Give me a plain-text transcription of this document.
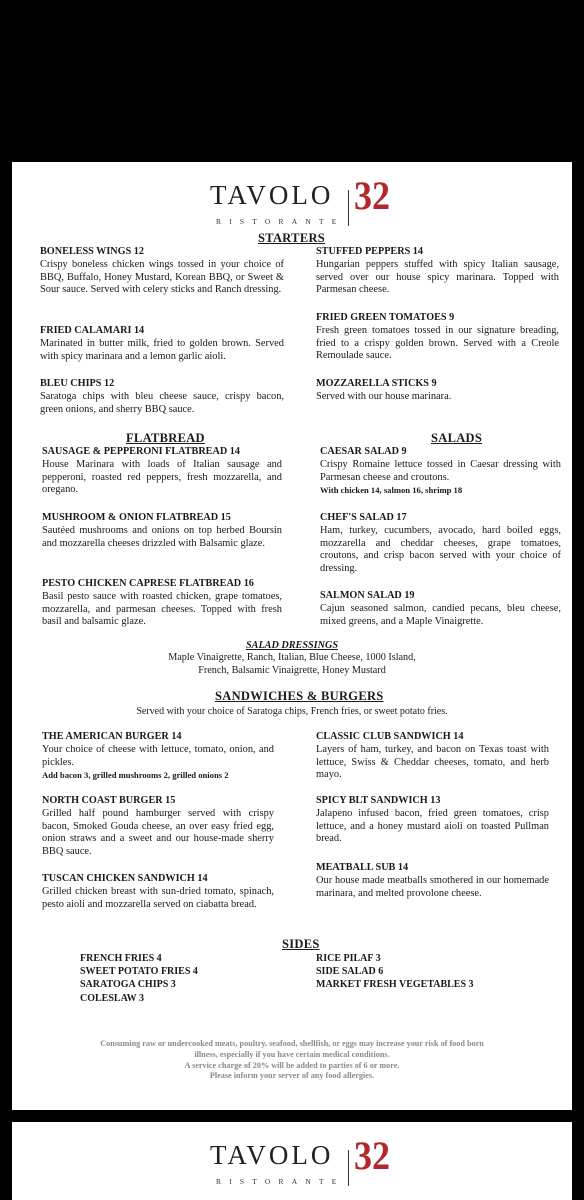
TAVOLO
RISTORANTE
32
STARTERS
BONELESS WINGS 12
Crispy boneless chicken wings tossed in your choice of BBQ, Buffalo, Honey Mustard, Korean BBQ, or Sweet & Sour sauce. Served with celery sticks and Ranch dressing.
FRIED CALAMARI 14
Marinated in butter milk, fried to golden brown. Served with spicy marinara and a lemon garlic aioli.
BLEU CHIPS 12
Saratoga chips with bleu cheese sauce, crispy bacon, green onions, and sherry BBQ sauce.
STUFFED PEPPERS 14
Hungarian peppers stuffed with spicy Italian sausage, served over our house spicy marinara. Topped with Parmesan cheese.
FRIED GREEN TOMATOES 9
Fresh green tomatoes tossed in our signature breading, fried to a crispy golden brown. Served with a Creole Remoulade sauce.
MOZZARELLA STICKS 9
Served with our house marinara.
FLATBREAD	SALADS
SAUSAGE & PEPPERONI FLATBREAD 14
House Marinara with loads of Italian sausage and pepperoni, roasted red peppers, fresh mozzarella, and oregano.
MUSHROOM & ONION FLATBREAD 15
Sautéed mushrooms and onions on top herbed Boursin and mozzarella cheeses drizzled with Balsamic glaze.
PESTO CHICKEN CAPRESE FLATBREAD 16
Basil pesto sauce with roasted chicken, grape tomatoes, mozzarella, and parmesan cheeses. Topped with fresh basil and balsamic glaze.
CAESAR SALAD 9
Crispy Romaine lettuce tossed in Caesar dressing with Parmesan cheese and croutons.
With chicken 14, salmon 16, shrimp 18
CHEF'S SALAD 17
Ham, turkey, cucumbers, avocado, hard boiled eggs, mozzarella and cheddar cheeses, grape tomatoes, croutons, and crisp bacon served with your choice of dressing.
SALMON SALAD 19
Cajun seasoned salmon, candied pecans, bleu cheese, mixed greens, and a Maple Vinaigrette.
SALAD DRESSINGS
Maple Vinaigrette, Ranch, Italian, Blue Cheese, 1000 Island,
French, Balsamic Vinaigrette, Honey Mustard
SANDWICHES & BURGERS
Served with your choice of Saratoga chips, French fries, or sweet potato fries.
THE AMERICAN BURGER 14
Your choice of cheese with lettuce, tomato, onion, and pickles.
Add bacon 3, grilled mushrooms 2, grilled onions 2
NORTH COAST BURGER 15
Grilled half pound hamburger served with crispy bacon, Smoked Gouda cheese, an over easy fried egg, onion straws and a sweet and our house-made sherry BBQ sauce.
TUSCAN CHICKEN SANDWICH 14
Grilled chicken breast with sun-dried tomato, spinach, pesto aioli and mozzarella served on ciabatta bread.
CLASSIC CLUB SANDWICH 14
Layers of ham, turkey, and bacon on Texas toast with lettuce, Swiss & Cheddar cheeses, tomato, and herb mayo.
SPICY BLT SANDWICH 13
Jalapeno infused bacon, fried green tomatoes, crisp lettuce, and a honey mustard aioli on toasted Pullman bread.
MEATBALL SUB 14
Our house made meatballs smothered in our homemade marinara, and melted provolone cheese.
SIDES
FRENCH FRIES 4
SWEET POTATO FRIES 4
SARATOGA CHIPS 3
COLESLAW 3
RICE PILAF 3
SIDE SALAD 6
MARKET FRESH VEGETABLES 3
Consuming raw or undercooked meats, poultry, seafood, shellfish, or eggs may increase your risk of food born
illness, especially if you have certain medical conditions.
A service charge of 20% will be added to parties of 6 or more.
Please inform your server of any food allergies.
TAVOLO
RISTORANTE
32
